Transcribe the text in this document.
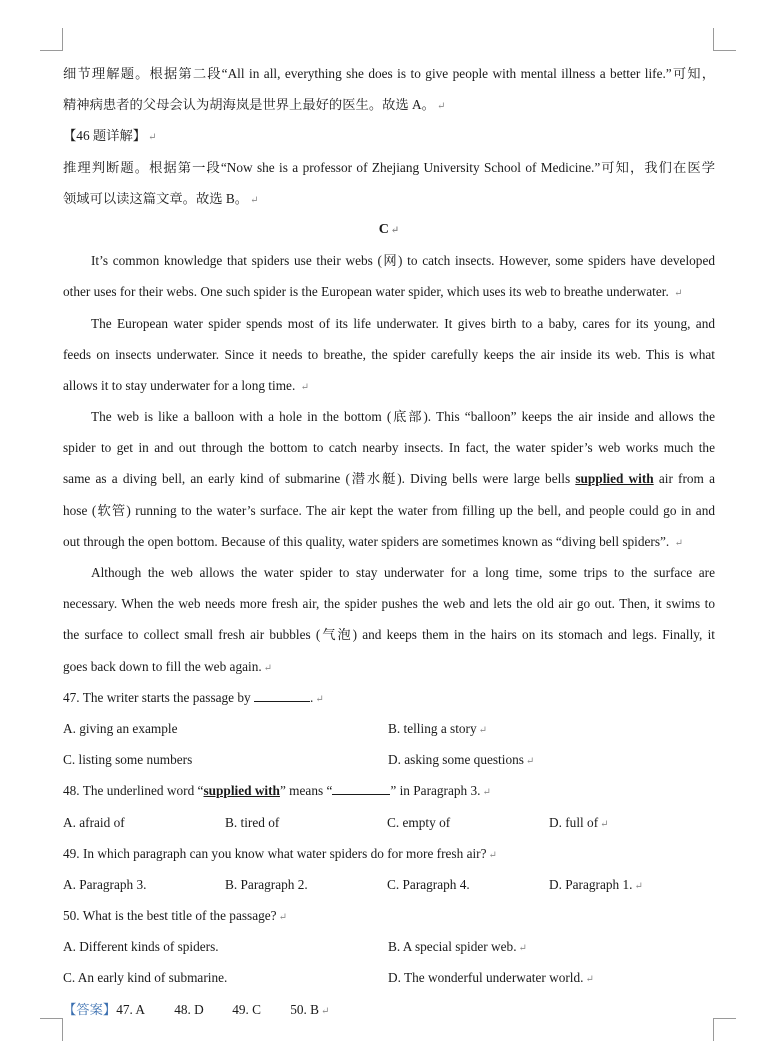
细节理解题。根据第二段“All in all, everything she does is to give people with mental illness a better life.”可知，
精神病患者的父母会认为胡海岚是世界上最好的医生。故选 A。 ↵
【46 题详解】 ↵
推理判断题。根据第一段“Now she is a professor of Zhejiang University School of Medicine.”可知，我们在医学
领域可以读这篇文章。故选 B。 ↵
C ↵
It’s common knowledge that spiders use their webs (网) to catch insects. However, some spiders have developed
other uses for their webs. One such spider is the European water spider, which uses its web to breathe underwater. ↵
The European water spider spends most of its life underwater. It gives birth to a baby, cares for its young, and
feeds on insects underwater. Since it needs to breathe, the spider carefully keeps the air inside its web. This is what
allows it to stay underwater for a long time. ↵
The web is like a balloon with a hole in the bottom (底部). This “balloon” keeps the air inside and allows the
spider to get in and out through the bottom to catch nearby insects. In fact, the water spider’s web works much the
same as a diving bell, an early kind of submarine (潜水艇). Diving bells were large bells supplied with air from a
hose (软管) running to the water’s surface. The air kept the water from filling up the bell, and people could go in and
out through the open bottom. Because of this quality, water spiders are sometimes known as “diving bell spiders”. ↵
Although the web allows the water spider to stay underwater for a long time, some trips to the surface are
necessary. When the web needs more fresh air, the spider pushes the web and lets the old air go out. Then, it swims to
the surface to collect small fresh air bubbles (气泡) and keeps them in the hairs on its stomach and legs. Finally, it
goes back down to fill the web again. ↵
47. The writer starts the passage by	. ↵
A. giving an example	B. telling a story ↵
C. listing some numbers	D. asking some questions ↵
48. The underlined word “supplied with” means “	” in Paragraph 3. ↵
A. afraid of	B. tired of	C. empty of	D. full of ↵
49. In which paragraph can you know what water spiders do for more fresh air? ↵
A. Paragraph 3.	B. Paragraph 2.	C. Paragraph 4.	D. Paragraph 1. ↵
50. What is the best title of the passage? ↵
A. Different kinds of spiders.	B. A special spider web. ↵
C. An early kind of submarine.	D. The wonderful underwater world. ↵
【答案】47. A 48. D 49. C 50. B ↵
